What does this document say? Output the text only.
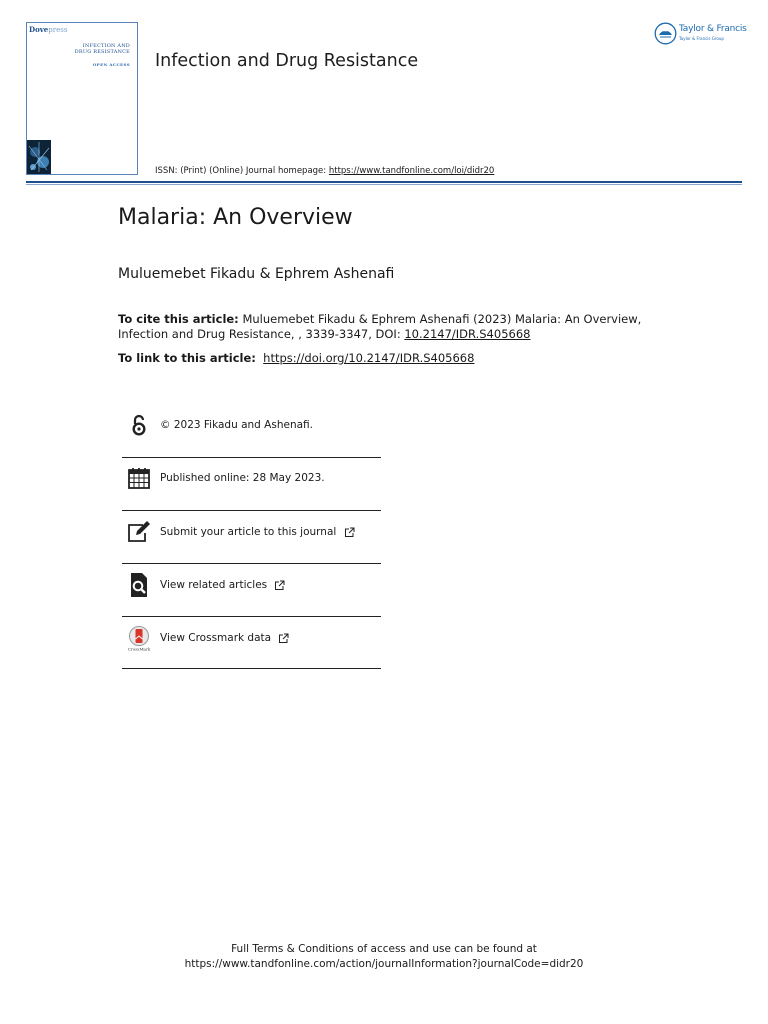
Dovepress
INFECTION AND
DRUG RESISTANCE
OPEN ACCESS Infection and Drug Resistance
Taylor & Francis
Taylor & Francis Group
ISSN: (Print) (Online) Journal homepage: https://www.tandfonline.com/loi/didr20
Malaria: An Overview
Muluemebet Fikadu & Ephrem Ashenafi
To cite this article: Muluemebet Fikadu & Ephrem Ashenafi (2023) Malaria: An Overview, Infection and Drug Resistance, , 3339-3347, DOI: 10.2147/IDR.S405668
To link to this article: https://doi.org/10.2147/IDR.S405668
© 2023 Fikadu and Ashenafi.
Published online: 28 May 2023.
Submit your article to this journal
View related articles
CrossMark
View Crossmark data
Full Terms & Conditions of access and use can be found at
https://www.tandfonline.com/action/journalInformation?journalCode=didr20
